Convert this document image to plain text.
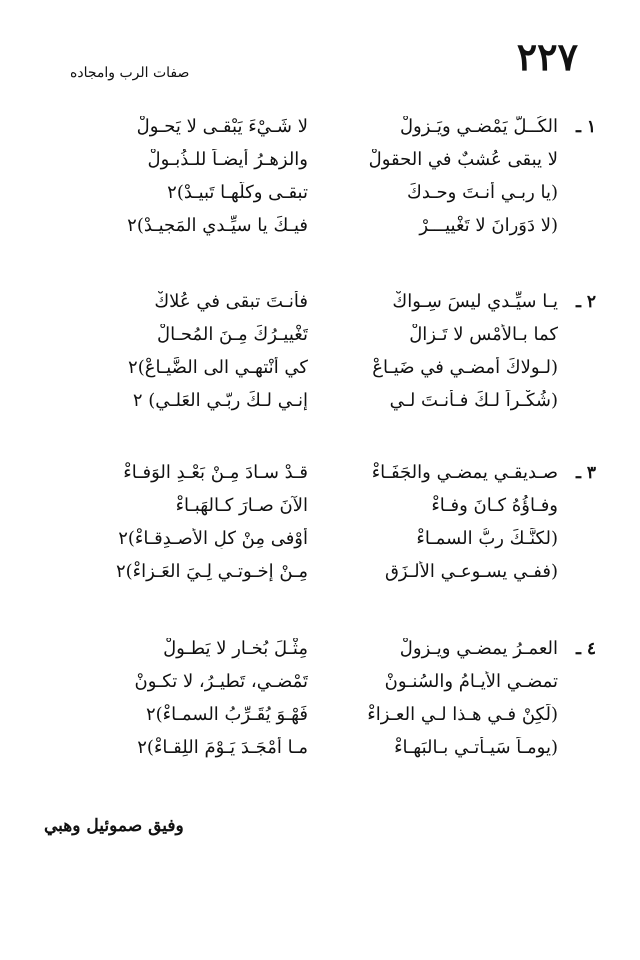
٢٢٧
صفات الرب وامجاده
١ ـ
الكُــلُّ يَمْضـي ويَـزولْ
لا شَـيْءَ يَبْقـى لا يَحـولْ
لا يبقى عُشبٌ في الحقولْ
والزهـرُ أيضـاً للـذُبـولْ
(يا ربـي أنـتَ وحـدكَ
تبقـى وكلُّهـا تَبيـدْ)٢
(لا دَوَرانَ لا تَغْييـــرْ
فيـكَ يا سيِّـدي المَجيـدْ)٢
٢ ـ
يـا سيِّـدي ليسَ سِـواكْ
فأنـتَ تبقى في عُلاكْ
كما بـالأمْسِ لا تَـزالْ
تَغْييـرُكَ مِـنَ المُحـالْ
(لـولاكَ أمضـي في ضَيـاعْ
كي أنْتهـي الى الضَّيـاعْ)٢
(شُكْـراً لـكَ فـأنـتَ لـي
إنـي لـكَ ربّـي العَلـي) ٢
٣ ـ
صـديقـي يمضـي والجَفَـاءْ
قـدْ سـادَ مِـنْ بَعْـدِ الوَفـاءْ
وفـاؤُهُ كـانَ وفـاءْ
الآنَ صـارَ كـالهَبـاءْ
(لكنَّـكَ ربُّ السمـاءْ
أوْفى مِنْ كلِ الأصـدِقـاءْ)٢
(ففـي يسـوعـي الألـزَقِ
مِـنْ إخـوتـي لِـيَ العَـزاءْ)٢
٤ ـ
العمـرُ يمضـي ويـزولْ
مِثْـلَ بُخـارٍ لا يَطـولْ
تمضـي الأيـامُ والسُنـونْ
تَمْضـي، تَطيـرُ، لا تكـونْ
(لَكِنْ فـي هـذا لـي العـزاءْ
فَهْـوَ يُقَـرِّبُ السمـاءْ)٢
(يومـاً سَيـأتـي بـالبَهـاءْ
مـا أمْجَـدَ يَـوْمَ اللِقـاءْ)٢
وفيق صموئيل وهبي
